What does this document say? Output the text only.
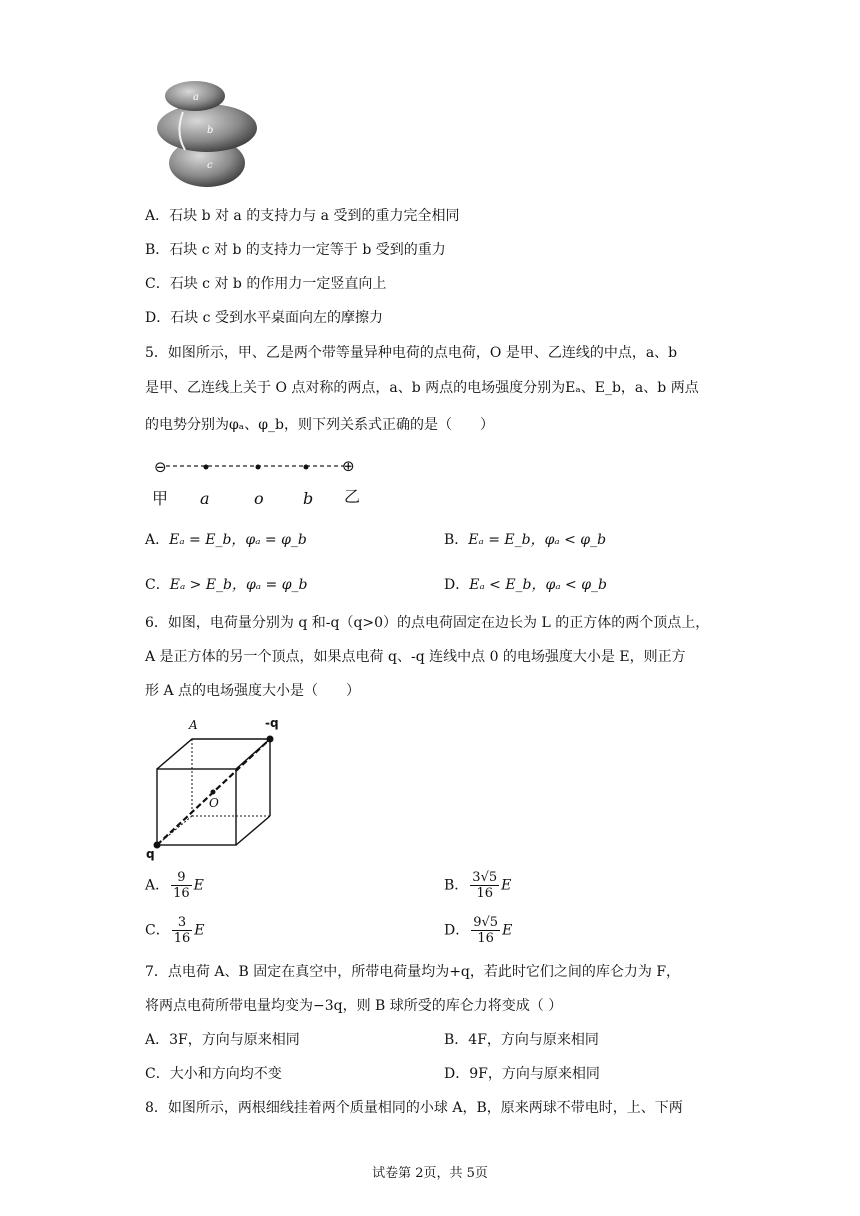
a
b
c
A．石块 b 对 a 的支持力与 a 受到的重力完全相同
B．石块 c 对 b 的支持力一定等于 b 受到的重力
C．石块 c 对 b 的作用力一定竖直向上
D．石块 c 受到水平桌面向左的摩擦力
5．如图所示，甲、乙是两个带等量异种电荷的点电荷，O 是甲、乙连线的中点，a、b
是甲、乙连线上关于 O 点对称的两点，a、b 两点的电场强度分别为Eₐ、E_b，a、b 两点
的电势分别为φₐ、φ_b，则下列关系式正确的是（　　）
⊖	⊕
甲 a	o b 乙
A．Eₐ = E_b，φₐ = φ_b	B．Eₐ = E_b，φₐ < φ_b
C．Eₐ > E_b，φₐ = φ_b	D．Eₐ < E_b，φₐ < φ_b
6．如图，电荷量分别为 q 和-q（q>0）的点电荷固定在边长为 L 的正方体的两个顶点上，
A 是正方体的另一个顶点，如果点电荷 q、-q 连线中点 0 的电场强度大小是 E，则正方
形 A 点的电场强度大小是（　　）
A	-q
O
q
A． $\frac{9}{16}$ E	B． $\frac{3√5}{16}$ E
C． $\frac{3}{16}$ E	D． $\frac{9√5}{16}$ E
7．点电荷 A、B 固定在真空中，所带电荷量均为+q，若此时它们之间的库仑力为 F，
将两点电荷所带电量均变为−3q，则 B 球所受的库仑力将变成（ ）
A．3F，方向与原来相同	B．4F，方向与原来相同
C．大小和方向均不变	D．9F，方向与原来相同
8．如图所示，两根细线挂着两个质量相同的小球 A，B，原来两球不带电时，上、下两
试卷第 2页，共 5页
